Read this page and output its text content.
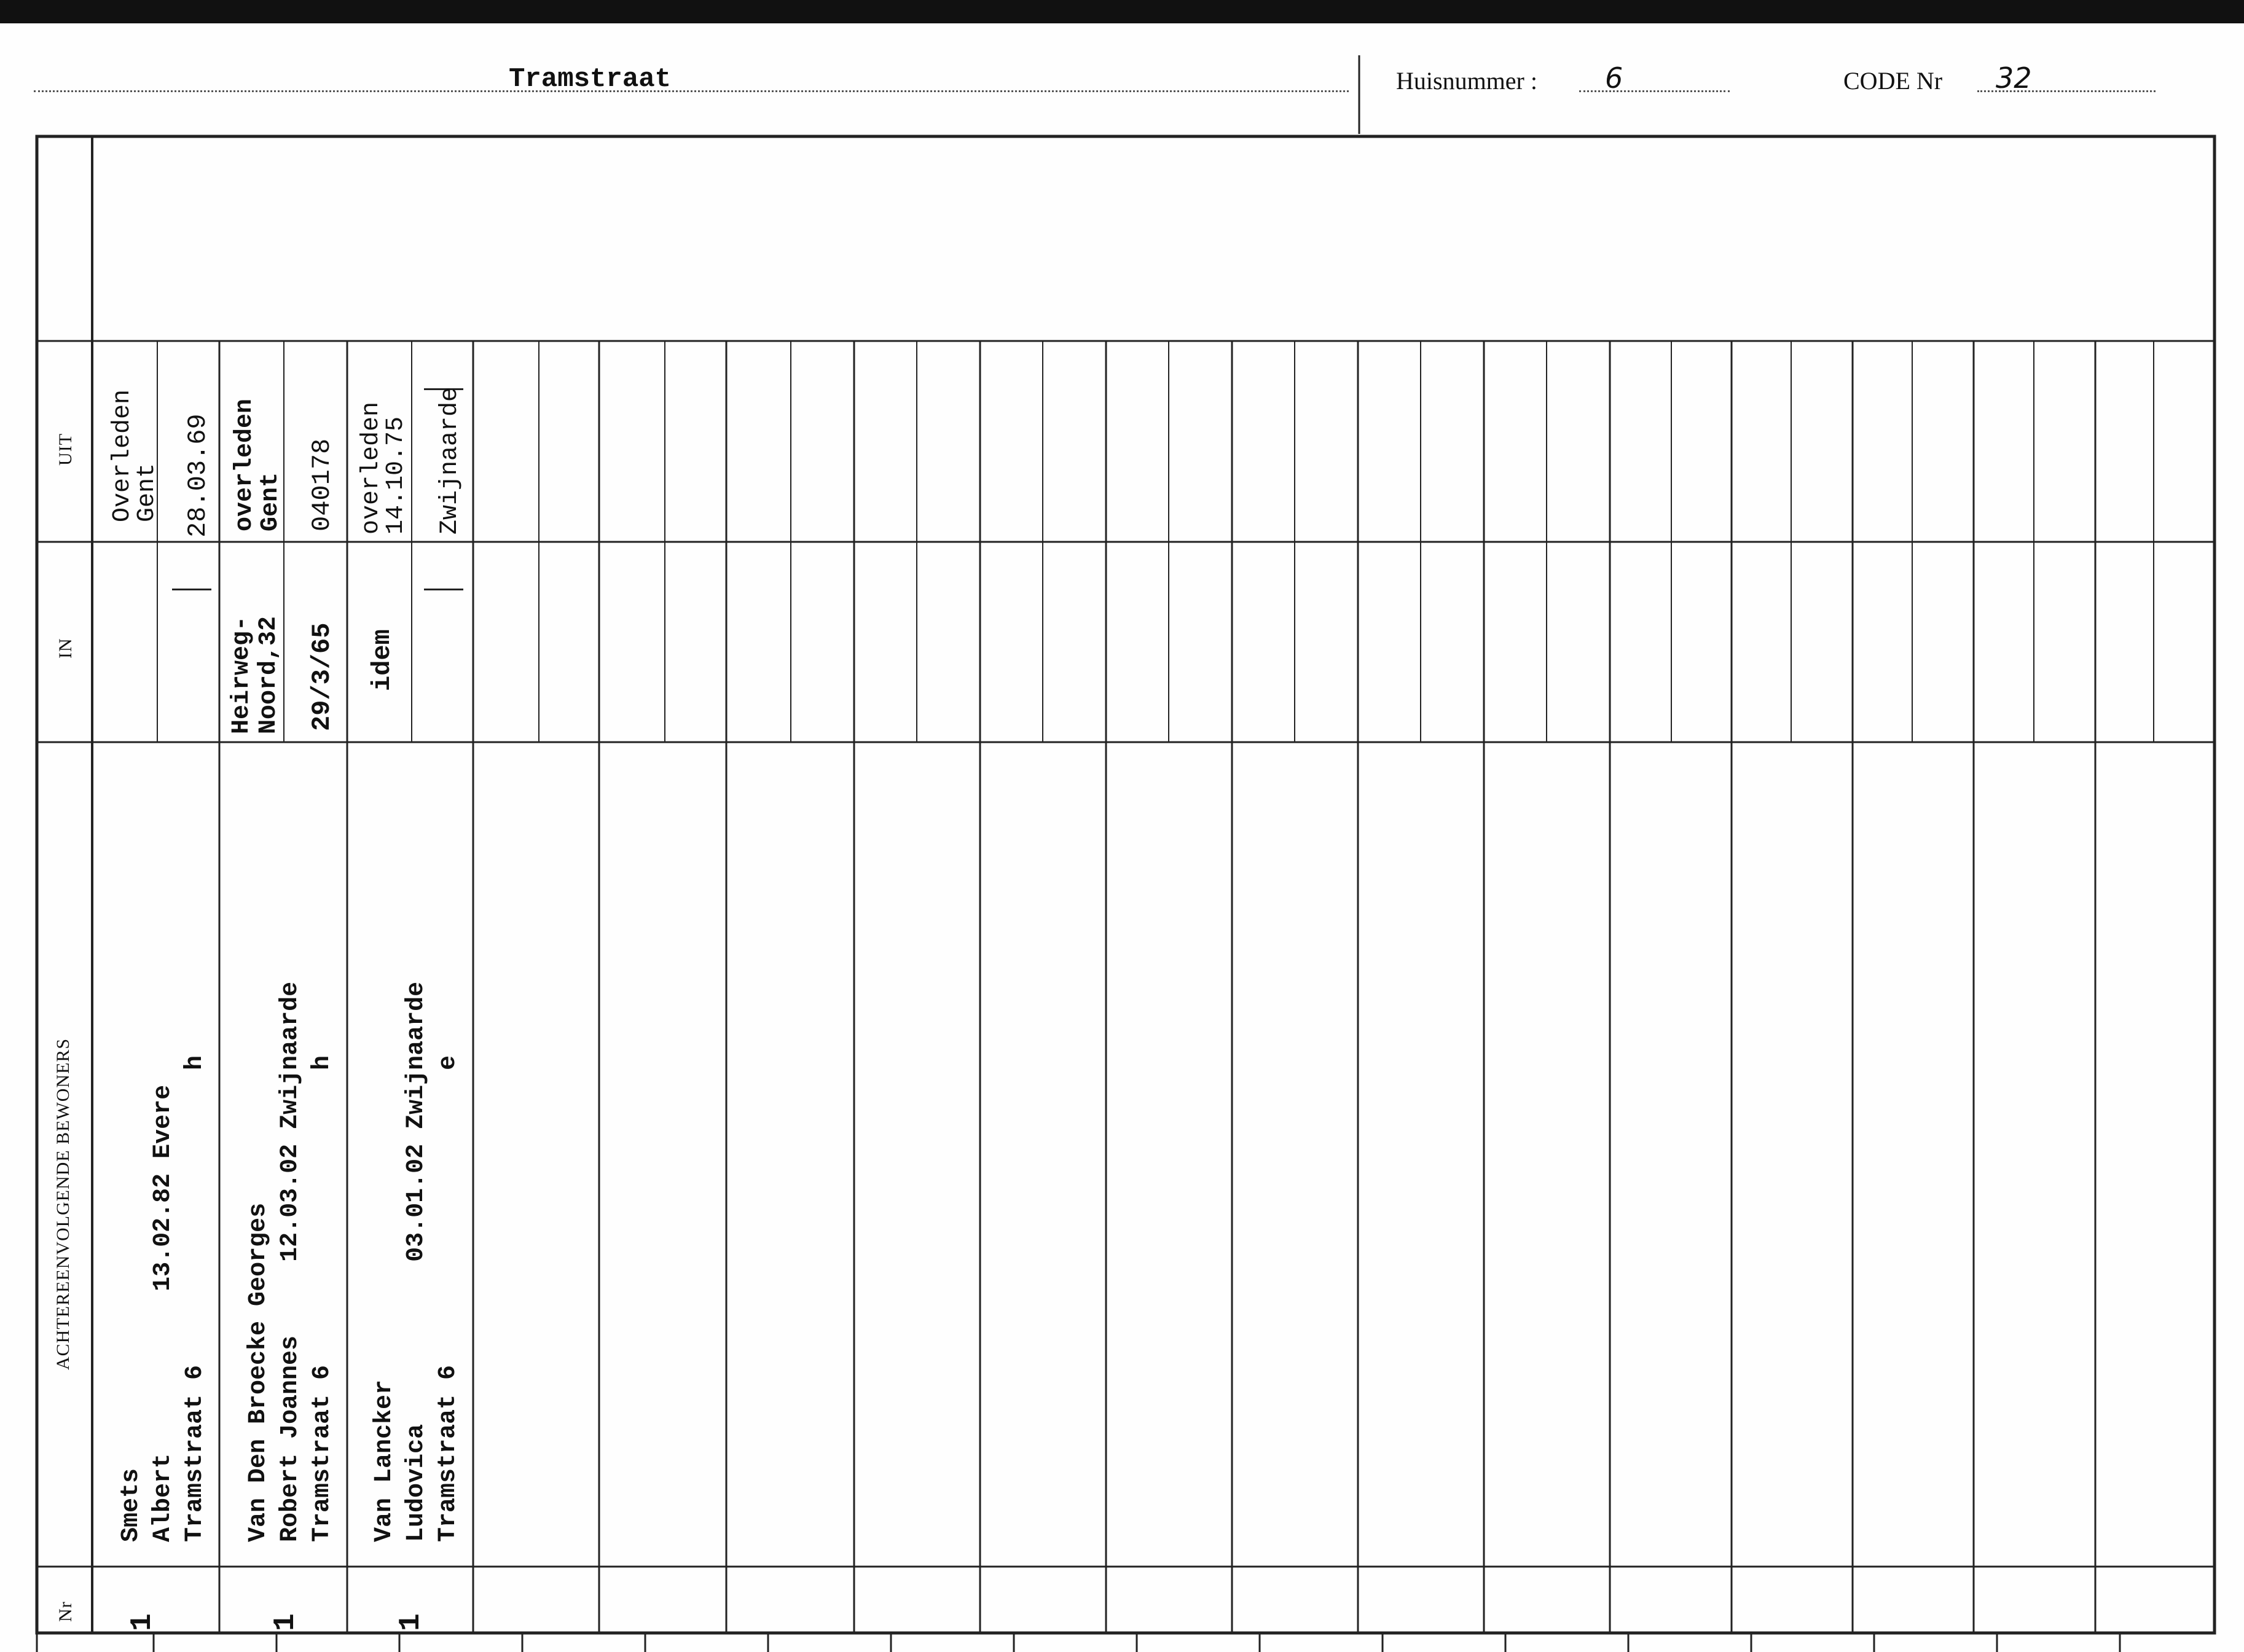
Tramstraat	Huisnummer : 6	CODE Nr 32
UIT
IN
ACHTEREENVOLGENDE BEWONERS
Nr
1
Smets Albert           13.02.82 Evere Tramstraat 6                    h
Overleden Gent 28.03.69
1
Van Den Broecke Georges Robert Joannes     12.03.02 Zwijnaarde Tramstraat 6                    h
Heirweg- Noord,32 29/3/65
overleden Gent 040178
1
Van Lancker Ludovica           03.01.02 Zwijnaarde Tramstraat 6                    e
idem
overleden 14.10.75 Zwijnaarde
